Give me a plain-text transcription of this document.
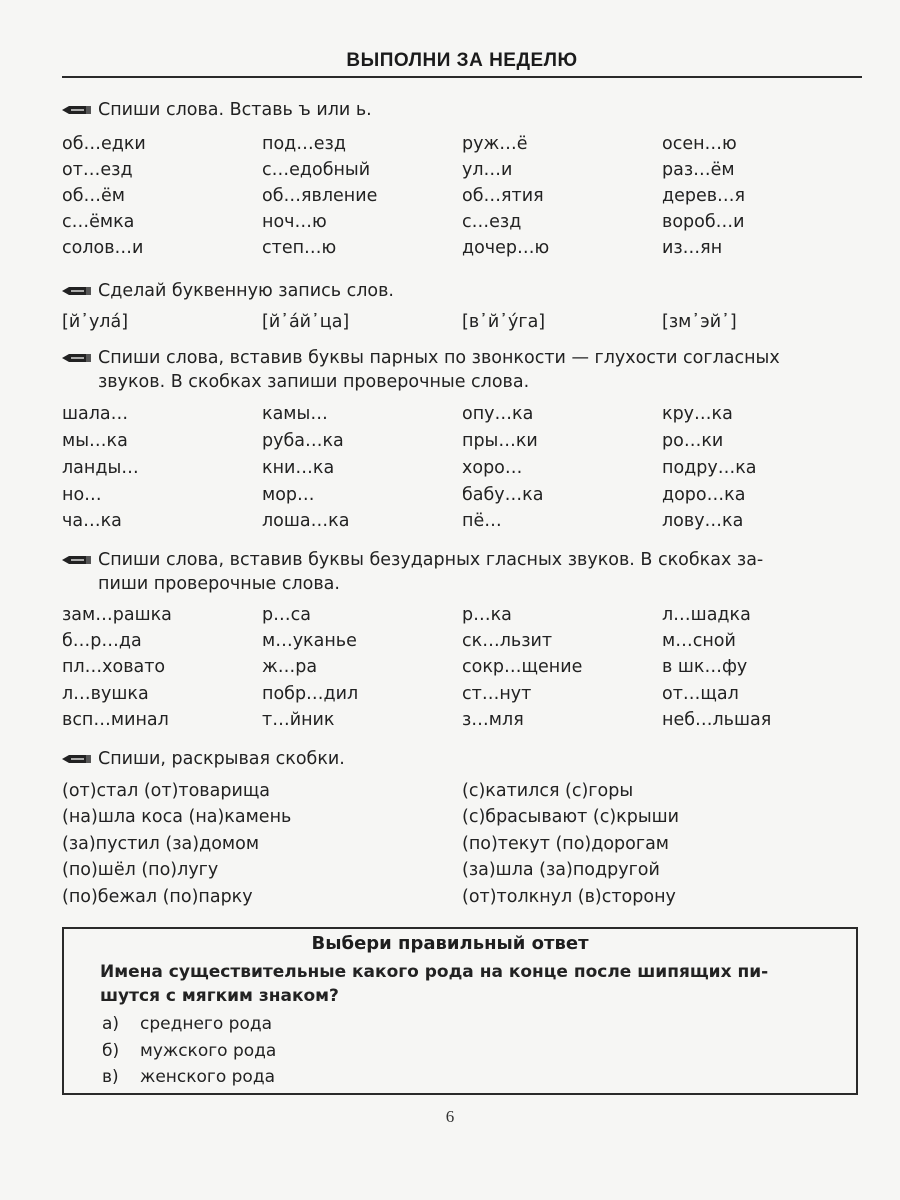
ВЫПОЛНИ ЗА НЕДЕЛЮ
Спиши слова. Вставь ъ или ь.
об…едки	под…езд	руж…ё	осен…ю
от…езд	с…едобный	ул…и	раз…ём
об…ём	об…явление	об…ятия	дерев…я
с…ёмка	ноч…ю	с…езд	вороб…и
солов…и	степ…ю	дочер…ю	из…ян
Сделай буквенную запись слов.
[й᾽ула́]	[й᾽а́й᾽ца]	[в᾽й᾽у́га]	[зм᾽эй᾽]
Спиши слова, вставив буквы парных по звонкости — глухости согласных
звуков. В скобках запиши проверочные слова.
шала…	камы…	опу…ка	кру…ка
мы…ка	руба…ка	пры…ки	ро…ки
ланды…	кни…ка	хоро…	подру…ка
но…	мор…	бабу…ка	доро…ка
ча…ка	лоша…ка	пё…	лову…ка
Спиши слова, вставив буквы безударных гласных звуков. В скобках за-
пиши проверочные слова.
зам…рашка	р…са	р…ка	л…шадка
б…р…да	м…уканье	ск…льзит	м…сной
пл…ховато	ж…ра	сокр…щение	в шк…фу
л…вушка	побр…дил	ст…нут	от…щал
всп…минал	т…йник	з…мля	неб…льшая
Спиши, раскрывая скобки.
(от)стал (от)товарища	(с)катился (с)горы
(на)шла коса (на)камень	(с)брасывают (с)крыши
(за)пустил (за)домом	(по)текут (по)дорогам
(по)шёл (по)лугу	(за)шла (за)подругой
(по)бежал (по)парку	(от)толкнул (в)сторону
Выбери правильный ответ
Имена существительные какого рода на конце после шипящих пи-
шутся с мягким знаком?
а) среднего рода
б) мужского рода
в) женского рода
6
